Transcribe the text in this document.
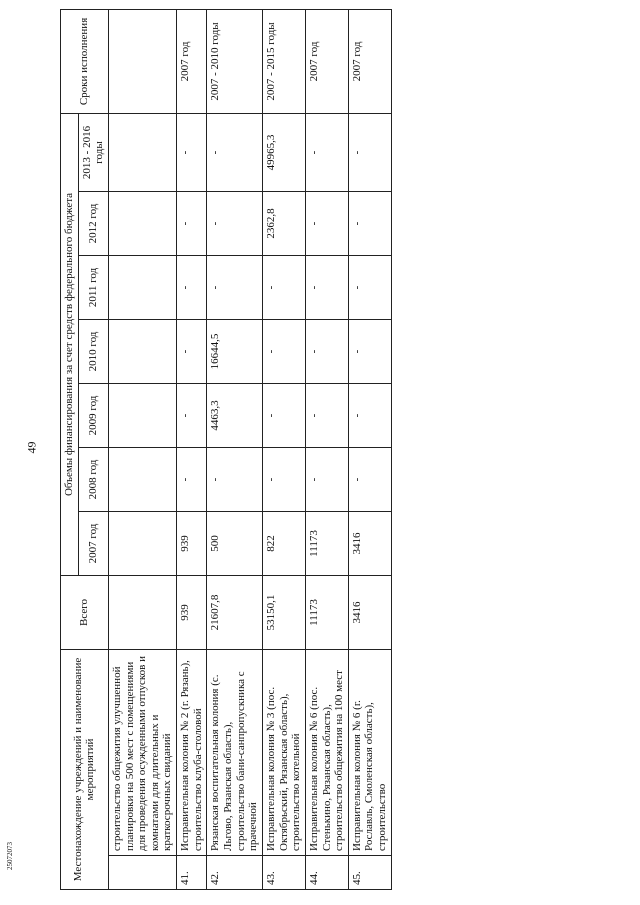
49
Местонахождение учреждений и наименование мероприятий		Всего	Объемы финансирования за счет средств федерального бюджета							Сроки исполнения
			2007 год	2008 год	2009 год	2010 год	2011 год	2012 год	2013 - 2016 годы	
	строительство общежития улучшенной планировки на 500 мест с помещениями для проведения осужденными отпусков и комнатами для длительных и краткосрочных свиданий									
41.	Исправительная колония № 2 (г. Рязань), строительство клуба-столовой	939	939	-	-	-	-	-	-	2007 год
42.	Рязанская воспитательная колония (с. Льгово, Рязанская область), строительство бани-санпропускника с прачечной	21607,8	500	-	4463,3	16644,5	-	-	-	2007 - 2010 годы
43.	Исправительная колония № 3 (пос. Октябрьский, Рязанская область), строительство котельной	53150,1	822	-	-	-	-	2362,8	49965,3	2007 - 2015 годы
44.	Исправительная колония № 6 (пос. Стенькино, Рязанская область), строительство общежития на 100 мест	11173	11173	-	-	-	-	-	-	2007 год
45.	Исправительная колония № 6 (г. Рославль, Смоленская область), строительство	3416	3416	-	-	-	-	-	-	2007 год
25072073
